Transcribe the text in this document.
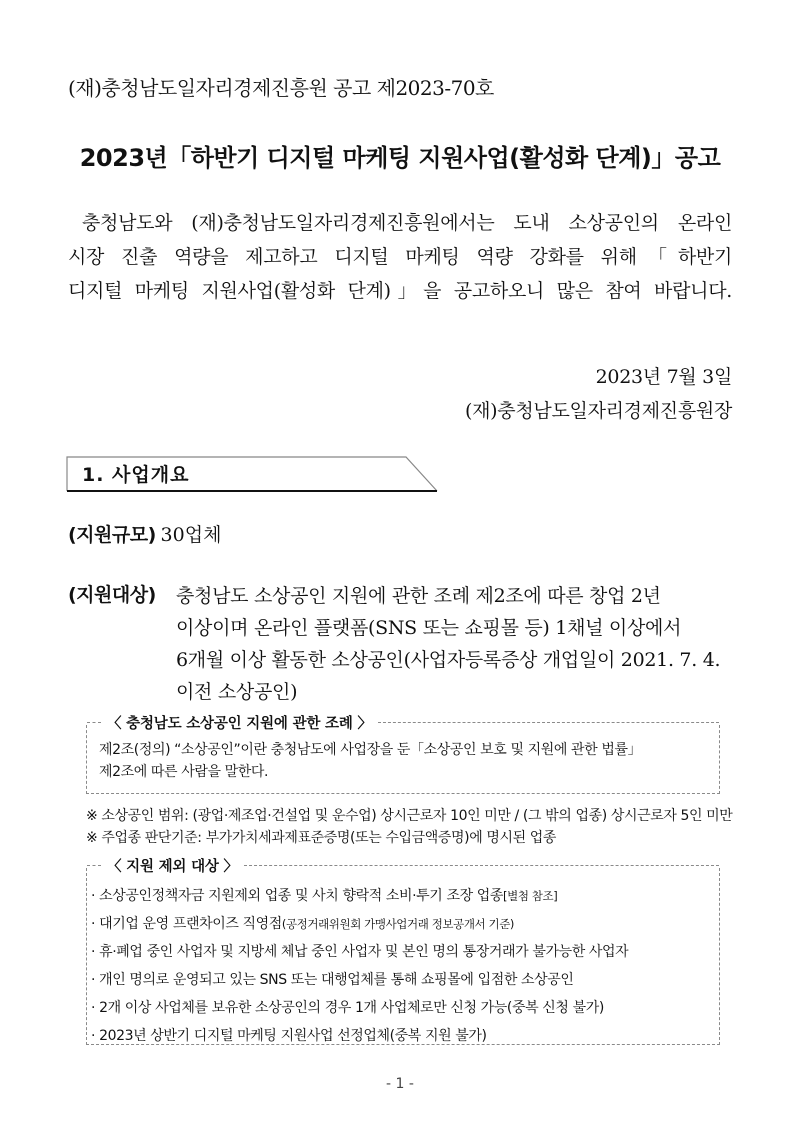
(재)충청남도일자리경제진흥원 공고 제2023-70호
2023년「하반기 디지털 마케팅 지원사업(활성화 단계)」공고
충청남도와 (재)충청남도일자리경제진흥원에서는 도내 소상공인의 온라인
시장 진출 역량을 제고하고 디지털 마케팅 역량 강화를 위해「하반기
디지털 마케팅 지원사업(활성화 단계)」을 공고하오니 많은 참여 바랍니다.
2023년 7월 3일
(재)충청남도일자리경제진흥원장
1. 사업개요
(지원규모) 30업체
(지원대상) 충청남도 소상공인 지원에 관한 조례 제2조에 따른 창업 2년
이상이며 온라인 플랫폼(SNS 또는 쇼핑몰 등) 1채널 이상에서
6개월 이상 활동한 소상공인(사업자등록증상 개업일이 2021. 7. 4.
이전 소상공인)
〈 충청남도 소상공인 지원에 관한 조례 〉
제2조(정의) “소상공인”이란 충청남도에 사업장을 둔「소상공인 보호 및 지원에 관한 법률」
제2조에 따른 사람을 말한다.
※ 소상공인 범위: (광업·제조업·건설업 및 운수업) 상시근로자 10인 미만 / (그 밖의 업종) 상시근로자 5인 미만
※ 주업종 판단기준: 부가가치세과제표준증명(또는 수입금액증명)에 명시된 업종
〈 지원 제외 대상 〉
· 소상공인정책자금 지원제외 업종 및 사치 향락적 소비·투기 조장 업종[별첨 참조]
· 대기업 운영 프랜차이즈 직영점(공정거래위원회 가맹사업거래 정보공개서 기준)
· 휴·폐업 중인 사업자 및 지방세 체납 중인 사업자 및 본인 명의 통장거래가 불가능한 사업자
· 개인 명의로 운영되고 있는 SNS 또는 대행업체를 통해 쇼핑몰에 입점한 소상공인
· 2개 이상 사업체를 보유한 소상공인의 경우 1개 사업체로만 신청 가능(중복 신청 불가)
· 2023년 상반기 디지털 마케팅 지원사업 선정업체(중복 지원 불가)
- 1 -
